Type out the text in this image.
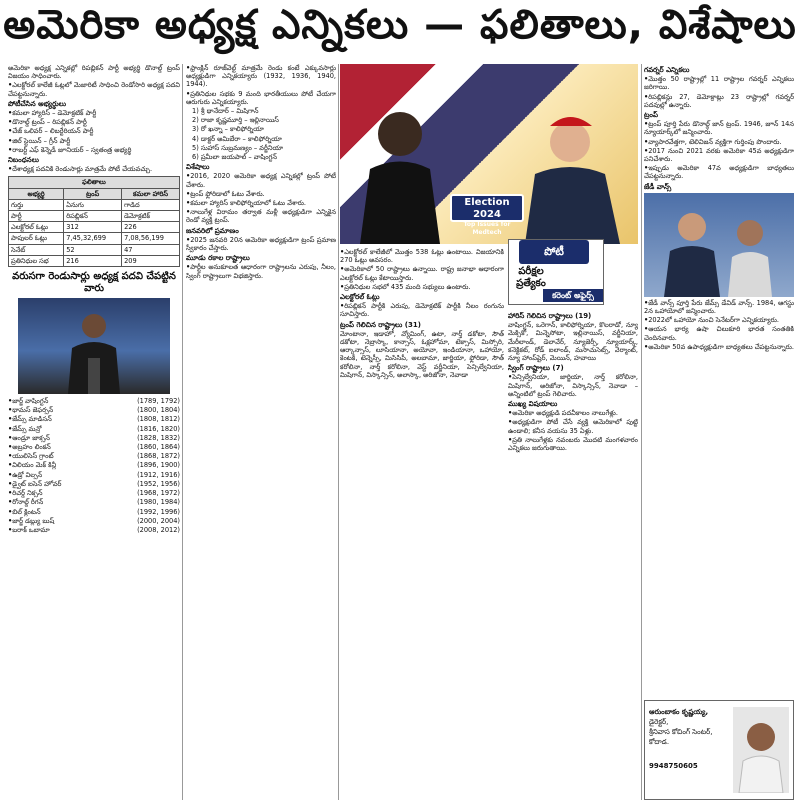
అమెరికా అధ్యక్ష ఎన్నికలు — ఫలితాలు, విశేషాలు

అమెరికా అధ్యక్ష ఎన్నికల్లో రిపబ్లికన్ పార్టీ అభ్యర్థి డొనాల్డ్ ట్రంప్ విజయం సాధించారు.

• ఎలక్టోరల్ కాలేజీ ఓట్లలో మెజారిటీ సాధించి రెండోసారి అధ్యక్ష పదవి చేపట్టనున్నారు.

పోటీచేసిన అభ్యర్థులు

• కమలా హ్యారిస్ – డెమోక్రటిక్ పార్టీ

• డొనాల్డ్ ట్రంప్ – రిపబ్లికన్ పార్టీ

• చేజ్ ఒలివర్ – లిబర్టేరియన్ పార్టీ

• జిల్ స్టెయిన్ – గ్రీన్ పార్టీ

• రాబర్ట్ ఎఫ్ కెన్నెడీ జూనియర్ – స్వతంత్ర అభ్యర్థి

నిబంధనలు

• దేశాధ్యక్ష పదవికి రెండుసార్లు మాత్రమే పోటీ చేయవచ్చు.

ఫలితాలు		
అభ్యర్థి	ట్రంప్	కమలా హారిస్
గుర్తు	ఏనుగు	గాడిద
పార్టీ	రిపబ్లికన్	డెమోక్రటిక్
ఎలక్టోరల్ ఓట్లు	312	226
పాపులర్ ఓట్లు	7,45,32,699	7,08,56,199
సెనేట్	52	47
ప్రతినిధుల సభ	216	209
వరుసగా రెండుసార్లు అధ్యక్ష పదవి చేపట్టిన వారు

• జార్జ్ వాషింగ్టన్	(1789, 1792)

• థామస్ జెఫర్సన్	(1800, 1804)

• జేమ్స్ మాడిసన్	(1808, 1812)

• జేమ్స్ మన్రో	(1816, 1820)

• ఆండ్రూ జాక్సన్	(1828, 1832)

• అబ్రహం లింకన్	(1860, 1864)

• యులిసెస్ గ్రాంట్	(1868, 1872)

• విలియం మెక్ కిన్లీ	(1896, 1900)

• ఉడ్రో విల్సన్	(1912, 1916)

• డ్వైట్ ఐసెన్ హోవర్	(1952, 1956)

• రిచర్డ్ నిక్సన్	(1968, 1972)

• రోనాల్డ్ రీగన్	(1980, 1984)

• బిల్ క్లింటన్	(1992, 1996)

• జార్జ్ డబ్ల్యు బుష్	(2000, 2004)

• బరాక్ ఒబామా	(2008, 2012)

• ఫ్రాంక్లిన్ రూజ్‌వెల్ట్ మాత్రమే రెండు కంటే ఎక్కువసార్లు అధ్యక్షుడిగా ఎన్నికయ్యారు (1932, 1936, 1940, 1944).

• ప్రతినిధుల సభకు 9 మంది భారతీయులు పోటీ చేయగా ఆరుగురు ఎన్నికయ్యారు.

1) శ్రీ థానేదార్ – మిషిగాన్

2) రాజా కృష్ణమూర్తి – ఇల్లినాయిస్

3) రో ఖన్నా – కాలిఫోర్నియా

4) డాక్టర్ అమిబేరా – కాలిఫోర్నియా

5) సుహాస్ సుబ్రమణ్యం – వర్జీనియా

6) ప్రమీలా జయపాల్ – వాషింగ్టన్

విశేషాలు

• 2016, 2020 అమెరికా అధ్యక్ష ఎన్నికల్లో ట్రంప్ పోటీ చేశారు.

• ట్రంప్ ఫ్లోరిడాలో ఓటు వేశారు.

• కమలా హ్యారిస్ కాలిఫోర్నియాలో ఓటు వేశారు.

• నాలుగేళ్ల విరామం తర్వాత మళ్లీ అధ్యక్షుడిగా ఎన్నికైన రెండో వ్యక్తి ట్రంప్.

జనవరిలో ప్రమాణం

• 2025 జనవరి 20న అమెరికా అధ్యక్షుడిగా ట్రంప్ ప్రమాణ స్వీకారం చేస్తారు.

మూడు రకాల రాష్ట్రాలు

• పార్టీల అనుకూలత ఆధారంగా రాష్ట్రాలను ఎరుపు, నీలం, స్వింగ్ రాష్ట్రాలుగా విభజిస్తారు.

Election 2024
Top Issues for Medtech

• ఎలక్టోరల్ కాలేజీలో మొత్తం 538 ఓట్లు ఉంటాయి. విజయానికి 270 ఓట్లు అవసరం.

• అమెరికాలో 50 రాష్ట్రాలు ఉన్నాయి. రాష్ట్ర జనాభా ఆధారంగా ఎలక్టోరల్ ఓట్లు కేటాయిస్తారు.

• ప్రతినిధుల సభలో 435 మంది సభ్యులు ఉంటారు.

ఎలక్టోరల్ ఓట్లు

• రిపబ్లికన్ పార్టీకి ఎరుపు, డెమోక్రటిక్ పార్టీకి నీలం రంగును సూచిస్తారు.

ట్రంప్ గెలిచిన రాష్ట్రాలు (31)

మోంటానా, ఇడాహో, వ్యోమింగ్, ఉటా, నార్త్ డకోటా, సౌత్ డకోటా, నెబ్రాస్కా, కాన్సాస్, ఓక్లహోమా, టెక్సాస్, మిస్సోరి, ఆర్కాన్సాస్, లూసియానా, అయోవా, ఇండియానా, ఒహాయో, కెంటకీ, టెన్నెస్సీ, మిసిసిపీ, అలబామా, జార్జియా, ఫ్లోరిడా, సౌత్ కరోలినా, నార్త్ కరోలినా, వెస్ట్ వర్జీనియా, పెన్సిల్వేనియా, మిషిగాన్, విస్కాన్సిన్, అలాస్కా, అరిజోనా, నెవాడా

పోటీ
పరీక్షల ప్రత్యేకం
కరెంట్ అఫైర్స్

హారిస్ గెలిచిన రాష్ట్రాలు (19)

వాషింగ్టన్, ఒరెగాన్, కాలిఫోర్నియా, కొలరాడో, న్యూ మెక్సికో, మిన్నెసోటా, ఇల్లినాయిస్, వర్జీనియా, మేరీలాండ్, డెలావేర్, న్యూజెర్సీ, న్యూయార్క్, కనెక్టికట్, రోడ్ ఐలాండ్, మసాచుసెట్స్, వెర్మాంట్, న్యూ హాంప్‌షైర్, మెయిన్, హవాయి

స్వింగ్ రాష్ట్రాలు (7)

• పెన్సిల్వేనియా, జార్జియా, నార్త్ కరోలినా, మిషిగాన్, అరిజోనా, విస్కాన్సిన్, నెవాడా – అన్నింటిలో ట్రంప్ గెలిచారు.

ముఖ్య విషయాలు

• అమెరికా అధ్యక్షుడి పదవీకాలం నాలుగేళ్లు.

• అధ్యక్షుడిగా పోటీ చేసే వ్యక్తి అమెరికాలో పుట్టి ఉండాలి; కనీస వయసు 35 ఏళ్లు.

• ప్రతి నాలుగేళ్లకు నవంబరు మొదటి మంగళవారం ఎన్నికలు జరుగుతాయి.

గవర్నర్ ఎన్నికలు

• మొత్తం 50 రాష్ట్రాల్లో 11 రాష్ట్రాల గవర్నర్ ఎన్నికలు జరిగాయి.

• రిపబ్లికన్లు 27, డెమోక్రాట్లు 23 రాష్ట్రాల్లో గవర్నర్ పదవుల్లో ఉన్నారు.

ట్రంప్

• ట్రంప్ పూర్తి పేరు డొనాల్డ్ జాన్ ట్రంప్. 1946, జూన్ 14న న్యూయార్క్‌లో జన్మించారు.

• వ్యాపారవేత్తగా, టెలివిజన్ వ్యక్తిగా గుర్తింపు పొందారు.

• 2017 నుంచి 2021 వరకు అమెరికా 45వ అధ్యక్షుడిగా పనిచేశారు.

• ఇప్పుడు అమెరికా 47వ అధ్యక్షుడిగా బాధ్యతలు చేపట్టనున్నారు.

జేడీ వాన్స్

• జేడీ వాన్స్ పూర్తి పేరు జేమ్స్ డేవిడ్ వాన్స్. 1984, ఆగస్టు 2న ఒహాయోలో జన్మించారు.

• 2022లో ఒహాయో నుంచి సెనేటర్‌గా ఎన్నికయ్యారు.

• ఆయన భార్య ఉషా చిలుకూరి భారత సంతతికి చెందినవారు.

• అమెరికా 50వ ఉపాధ్యక్షుడిగా బాధ్యతలు చేపట్టనున్నారు.

ఆరుంబాకం కృష్ణయ్య,
డైరెక్టర్,
శ్రీనివాస కోచింగ్ సెంటర్,
కోదాడ.
9948750605
